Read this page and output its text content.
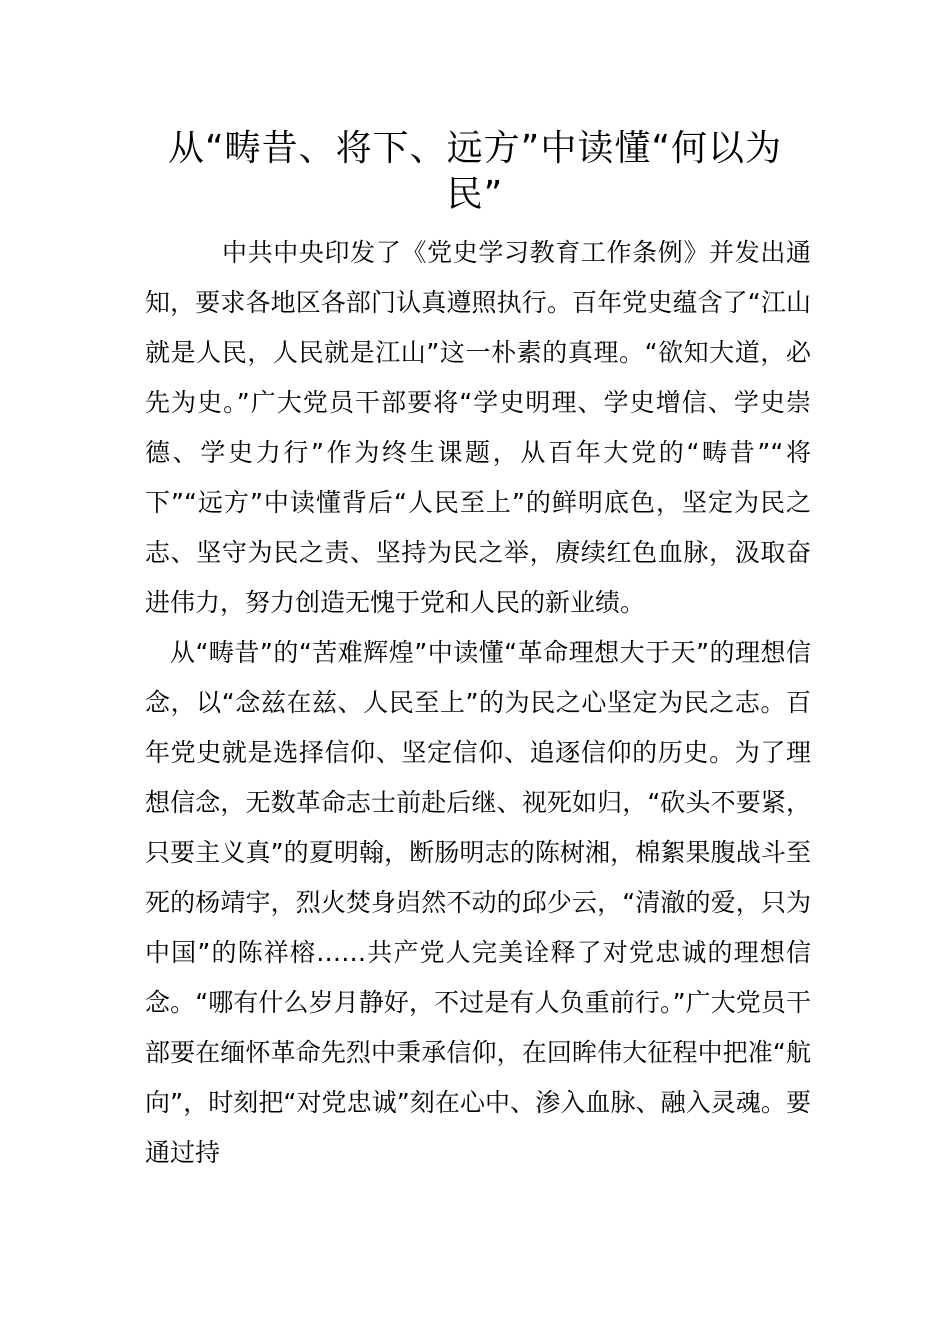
从“畴昔、将下、远方”中读懂“何以为民”

中共中央印发了《党史学习教育工作条例》并发出通知，要求各地区各部门认真遵照执行。百年党史蕴含了“江山就是人民，人民就是江山”这一朴素的真理。“欲知大道，必先为史。”广大党员干部要将“学史明理、学史增信、学史崇德、学史力行”作为终生课题，从百年大党的“畴昔”“将下”“远方”中读懂背后“人民至上”的鲜明底色，坚定为民之志、坚守为民之责、坚持为民之举，赓续红色血脉，汲取奋进伟力，努力创造无愧于党和人民的新业绩。

从“畴昔”的“苦难辉煌”中读懂“革命理想大于天”的理想信念，以“念兹在兹、人民至上”的为民之心坚定为民之志。百年党史就是选择信仰、坚定信仰、追逐信仰的历史。为了理想信念，无数革命志士前赴后继、视死如归，“砍头不要紧，只要主义真”的夏明翰，断肠明志的陈树湘，棉絮果腹战斗至死的杨靖宇，烈火焚身岿然不动的邱少云，“清澈的爱，只为中国”的陈祥榕……共产党人完美诠释了对党忠诚的理想信念。“哪有什么岁月静好，不过是有人负重前行。”广大党员干部要在缅怀革命先烈中秉承信仰，在回眸伟大征程中把准“航向”，时刻把“对党忠诚”刻在心中、渗入血脉、融入灵魂。要通过持
